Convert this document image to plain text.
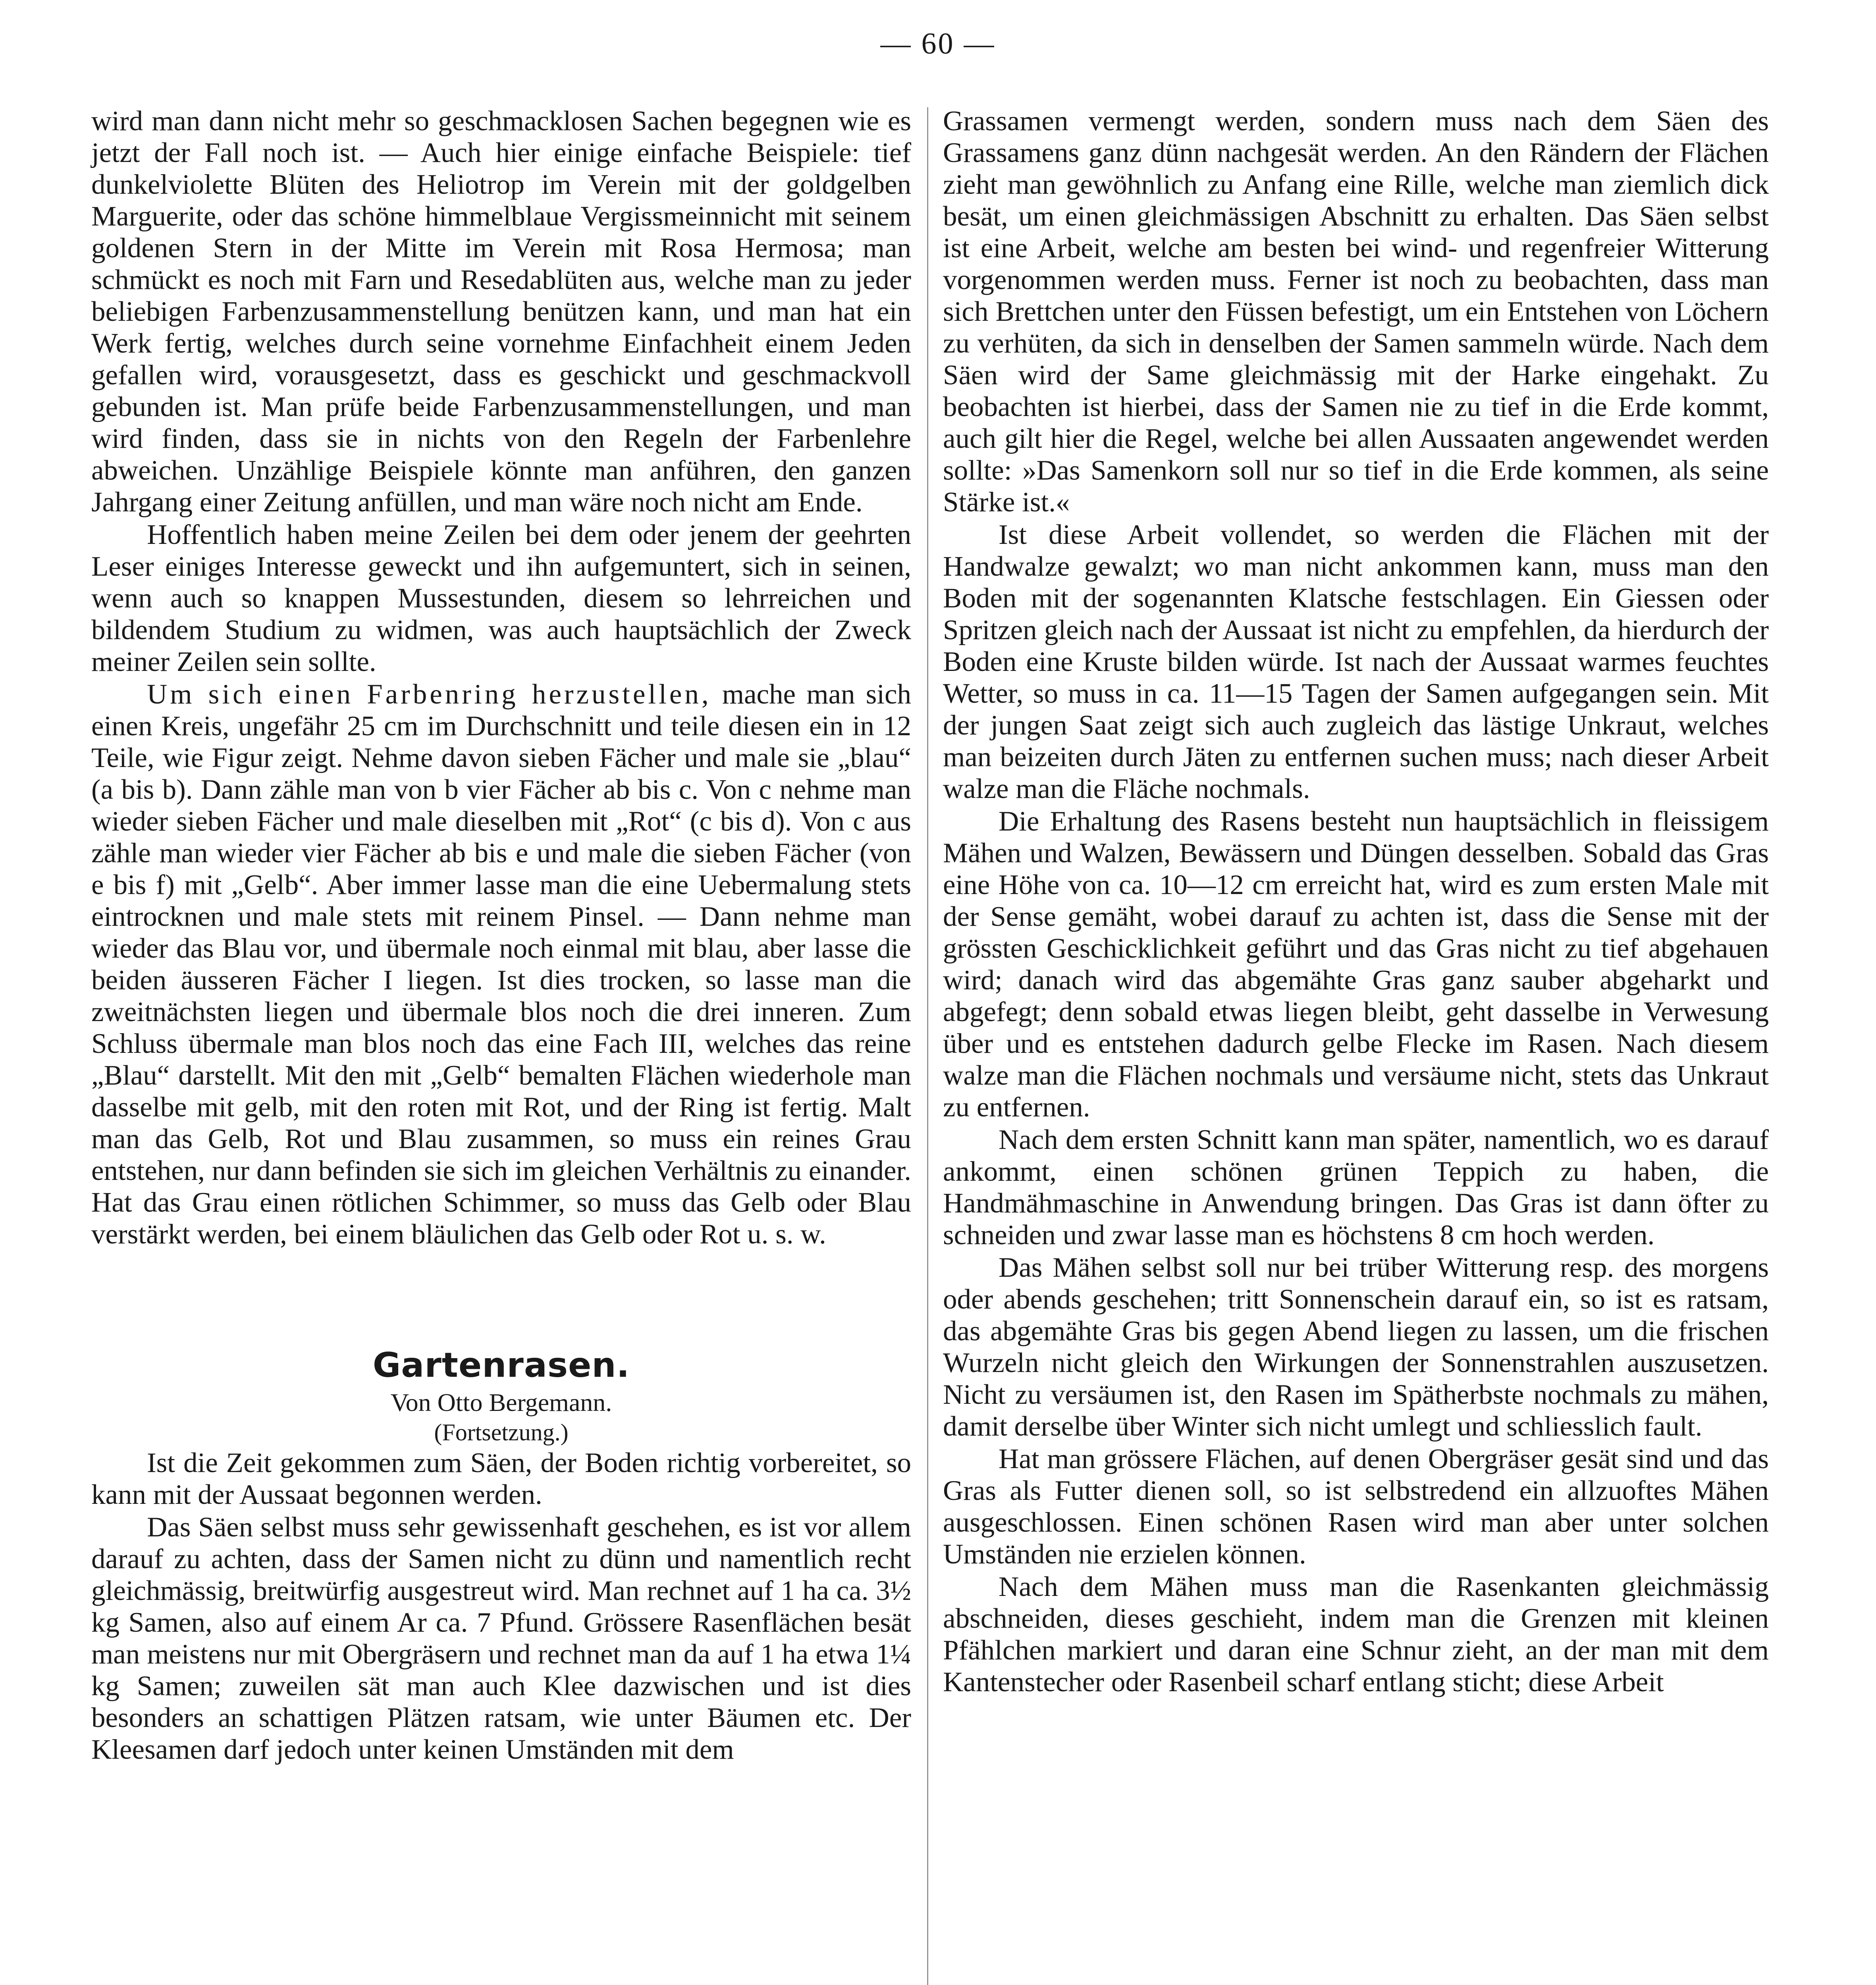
— 60 —

wird man dann nicht mehr so geschmacklosen Sachen begegnen wie es jetzt der Fall noch ist. — Auch hier einige einfache Beispiele: tief dunkelviolette Blüten des Heliotrop im Verein mit der goldgelben Marguerite, oder das schöne himmelblaue Vergissmeinnicht mit seinem goldenen Stern in der Mitte im Verein mit Rosa Hermosa; man schmückt es noch mit Farn und Resedablüten aus, welche man zu jeder beliebigen Farbenzusammenstellung benützen kann, und man hat ein Werk fertig, welches durch seine vornehme Einfachheit einem Jeden gefallen wird, vorausgesetzt, dass es geschickt und geschmackvoll gebunden ist. Man prüfe beide Farbenzusammenstellungen, und man wird finden, dass sie in nichts von den Regeln der Farbenlehre abweichen. Unzählige Beispiele könnte man anführen, den ganzen Jahrgang einer Zeitung anfüllen, und man wäre noch nicht am Ende.

Hoffentlich haben meine Zeilen bei dem oder jenem der geehrten Leser einiges Interesse geweckt und ihn aufgemuntert, sich in seinen, wenn auch so knappen Mussestunden, diesem so lehrreichen und bildendem Studium zu widmen, was auch hauptsächlich der Zweck meiner Zeilen sein sollte.

Um sich einen Farbenring herzustellen, mache man sich einen Kreis, ungefähr 25 cm im Durchschnitt und teile diesen ein in 12 Teile, wie Figur zeigt. Nehme davon sieben Fächer und male sie „blau“ (a bis b). Dann zähle man von b vier Fächer ab bis c. Von c nehme man wieder sieben Fächer und male dieselben mit „Rot“ (c bis d). Von c aus zähle man wieder vier Fächer ab bis e und male die sieben Fächer (von e bis f) mit „Gelb“. Aber immer lasse man die eine Uebermalung stets eintrocknen und male stets mit reinem Pinsel. — Dann nehme man wieder das Blau vor, und übermale noch einmal mit blau, aber lasse die beiden äusseren Fächer I liegen. Ist dies trocken, so lasse man die zweitnächsten liegen und übermale blos noch die drei inneren. Zum Schluss übermale man blos noch das eine Fach III, welches das reine „Blau“ darstellt. Mit den mit „Gelb“ bemalten Flächen wiederhole man dasselbe mit gelb, mit den roten mit Rot, und der Ring ist fertig. Malt man das Gelb, Rot und Blau zusammen, so muss ein reines Grau entstehen, nur dann befinden sie sich im gleichen Verhältnis zu einander. Hat das Grau einen rötlichen Schimmer, so muss das Gelb oder Blau verstärkt werden, bei einem bläulichen das Gelb oder Rot u. s. w.

Gartenrasen.
Von Otto Bergemann.
(Fortsetzung.)

Ist die Zeit gekommen zum Säen, der Boden richtig vorbereitet, so kann mit der Aussaat begonnen werden.

Das Säen selbst muss sehr gewissenhaft geschehen, es ist vor allem darauf zu achten, dass der Samen nicht zu dünn und namentlich recht gleichmässig, breitwürfig ausgestreut wird. Man rechnet auf 1 ha ca. 3½ kg Samen, also auf einem Ar ca. 7 Pfund. Grössere Rasenflächen besät man meistens nur mit Obergräsern und rechnet man da auf 1 ha etwa 1¼ kg Samen; zuweilen sät man auch Klee dazwischen und ist dies besonders an schattigen Plätzen ratsam, wie unter Bäumen etc. Der Kleesamen darf jedoch unter keinen Umständen mit dem

Grassamen vermengt werden, sondern muss nach dem Säen des Grassamens ganz dünn nachgesät werden. An den Rändern der Flächen zieht man gewöhnlich zu Anfang eine Rille, welche man ziemlich dick besät, um einen gleichmässigen Abschnitt zu erhalten. Das Säen selbst ist eine Arbeit, welche am besten bei wind- und regenfreier Witterung vorgenommen werden muss. Ferner ist noch zu beobachten, dass man sich Brettchen unter den Füssen befestigt, um ein Entstehen von Löchern zu verhüten, da sich in denselben der Samen sammeln würde. Nach dem Säen wird der Same gleichmässig mit der Harke eingehakt. Zu beobachten ist hierbei, dass der Samen nie zu tief in die Erde kommt, auch gilt hier die Regel, welche bei allen Aussaaten angewendet werden sollte: »Das Samenkorn soll nur so tief in die Erde kommen, als seine Stärke ist.«

Ist diese Arbeit vollendet, so werden die Flächen mit der Handwalze gewalzt; wo man nicht ankommen kann, muss man den Boden mit der sogenannten Klatsche festschlagen. Ein Giessen oder Spritzen gleich nach der Aussaat ist nicht zu empfehlen, da hierdurch der Boden eine Kruste bilden würde. Ist nach der Aussaat warmes feuchtes Wetter, so muss in ca. 11—15 Tagen der Samen aufgegangen sein. Mit der jungen Saat zeigt sich auch zugleich das lästige Unkraut, welches man beizeiten durch Jäten zu entfernen suchen muss; nach dieser Arbeit walze man die Fläche nochmals.

Die Erhaltung des Rasens besteht nun hauptsächlich in fleissigem Mähen und Walzen, Bewässern und Düngen desselben. Sobald das Gras eine Höhe von ca. 10—12 cm erreicht hat, wird es zum ersten Male mit der Sense gemäht, wobei darauf zu achten ist, dass die Sense mit der grössten Geschicklichkeit geführt und das Gras nicht zu tief abgehauen wird; danach wird das abgemähte Gras ganz sauber abgeharkt und abgefegt; denn sobald etwas liegen bleibt, geht dasselbe in Verwesung über und es entstehen dadurch gelbe Flecke im Rasen. Nach diesem walze man die Flächen nochmals und versäume nicht, stets das Unkraut zu entfernen.

Nach dem ersten Schnitt kann man später, namentlich, wo es darauf ankommt, einen schönen grünen Teppich zu haben, die Handmähmaschine in Anwendung bringen. Das Gras ist dann öfter zu schneiden und zwar lasse man es höchstens 8 cm hoch werden.

Das Mähen selbst soll nur bei trüber Witterung resp. des morgens oder abends geschehen; tritt Sonnenschein darauf ein, so ist es ratsam, das abgemähte Gras bis gegen Abend liegen zu lassen, um die frischen Wurzeln nicht gleich den Wirkungen der Sonnenstrahlen auszusetzen. Nicht zu versäumen ist, den Rasen im Spätherbste nochmals zu mähen, damit derselbe über Winter sich nicht umlegt und schliesslich fault.

Hat man grössere Flächen, auf denen Obergräser gesät sind und das Gras als Futter dienen soll, so ist selbstredend ein allzuoftes Mähen ausgeschlossen. Einen schönen Rasen wird man aber unter solchen Umständen nie erzielen können.

Nach dem Mähen muss man die Rasenkanten gleichmässig abschneiden, dieses geschieht, indem man die Grenzen mit kleinen Pfählchen markiert und daran eine Schnur zieht, an der man mit dem Kantenstecher oder Rasenbeil scharf entlang sticht; diese Arbeit
